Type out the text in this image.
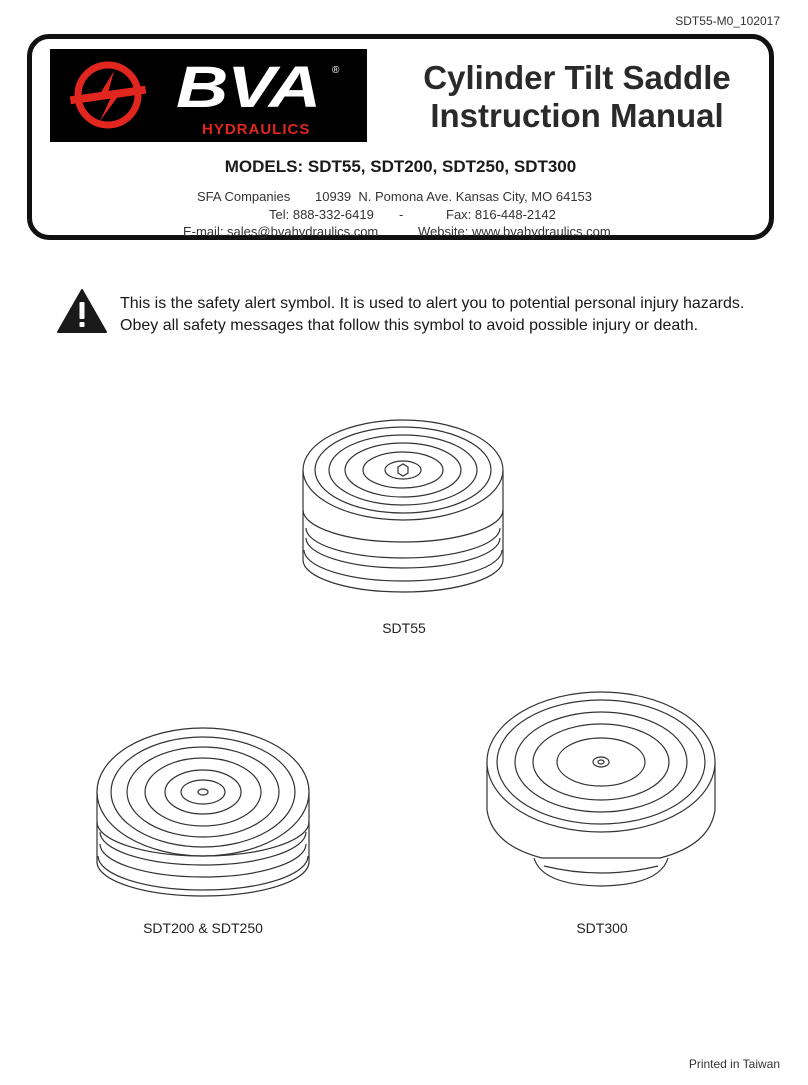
SDT55-M0_102017
BVA ®
HYDRAULICS
Cylinder Tilt Saddle
Instruction Manual
MODELS: SDT55, SDT200, SDT250, SDT300
SFA Companies 10939  N. Pomona Ave. Kansas City, MO 64153
Tel: 888-332-6419 -	Fax: 816-448-2142
E-mail: sales@bvahydraulics.com	Website: www.bvahydraulics.com
This is the safety alert symbol. It is used to alert you to potential personal injury hazards.
Obey all safety messages that follow this symbol to avoid possible injury or death.
SDT55
SDT200 & SDT250	SDT300
Printed in Taiwan
